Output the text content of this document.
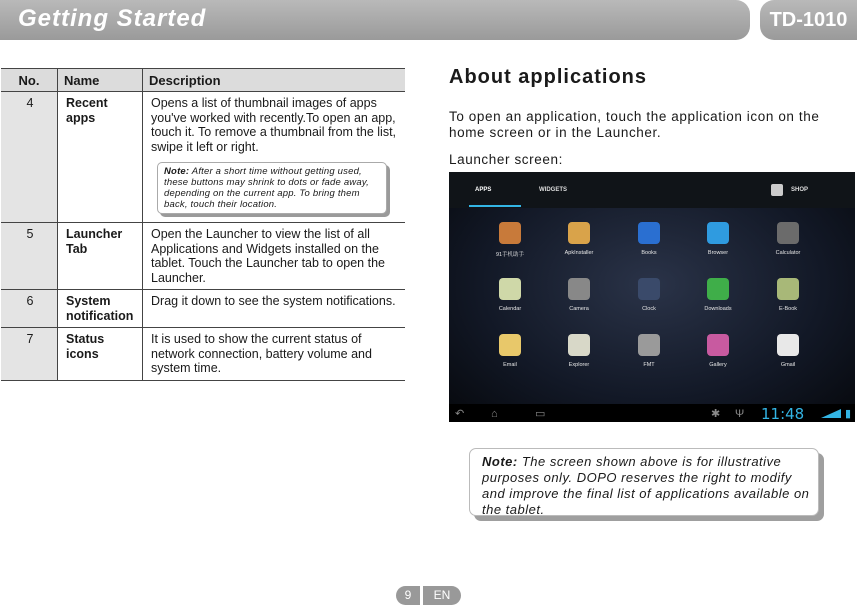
Getting Started	TD-1010
No.	Name	Description
4	Recent apps	Opens a list of thumbnail images of apps you've worked with recently.To open an app, touch it. To remove a thumbnail from the list, swipe it left or right.
Note: After a short time without getting used, these buttons may shrink to dots or fade away, depending on the current app. To bring them back, touch their location.

5	Launcher Tab	Open the Launcher to view the list of all Applications and Widgets installed on the tablet. Touch the Launcher tab to open the Launcher.
6	System notification	Drag it down to see the system notifications.
7	Status icons	It is used to show the current status of network connection, battery volume and system time.
About applications
To open an application, touch the application icon on the home screen or in the Launcher.
Launcher screen:
APPS	WIDGETS	SHOP
91手机助手	ApkInstaller	Books	Browser	Calculator
Calendar	Camera	Clock	Downloads	E-Book
Email	Explorer	FMT	Gallery	Gmail
↶ ⌂	▭	✱ Ψ 11:48	▮
Note: The screen shown above is for illustrative purposes only. DOPO reserves the right to modify and improve the final list of applications available on the tablet.
9	EN
